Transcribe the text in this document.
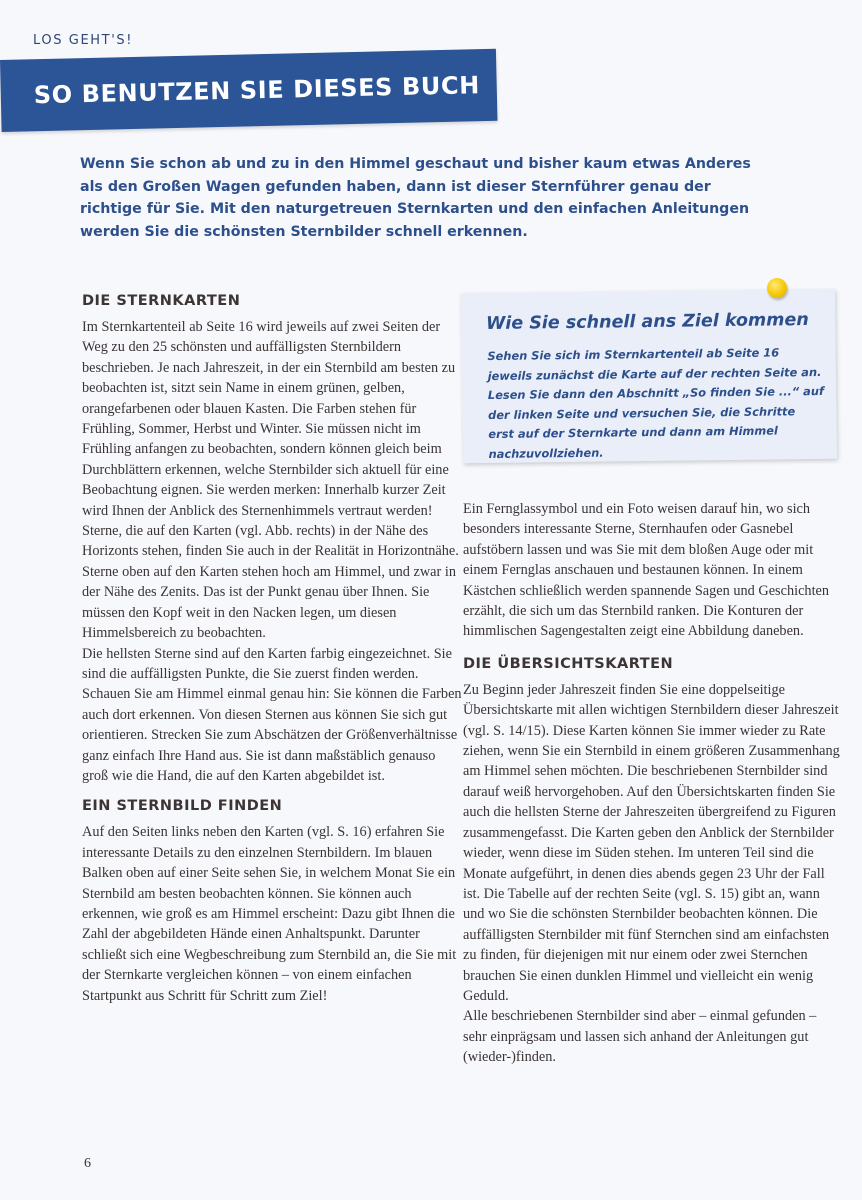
LOS GEHT'S!
SO BENUTZEN SIE DIESES BUCH
Wenn Sie schon ab und zu in den Himmel geschaut und bisher kaum etwas Anderes als den Großen Wagen gefunden haben, dann ist dieser Sternführer genau der richtige für Sie. Mit den naturgetreuen Sternkarten und den einfachen Anleitungen werden Sie die schönsten Sternbilder schnell erkennen.
DIE STERNKARTEN

Im Sternkartenteil ab Seite 16 wird jeweils auf zwei Seiten der Weg zu den 25 schönsten und auffälligsten Sternbildern beschrieben. Je nach Jahreszeit, in der ein Sternbild am besten zu beobachten ist, sitzt sein Name in einem grünen, gelben, orangefarbenen oder blauen Kasten. Die Farben stehen für Frühling, Sommer, Herbst und Winter. Sie müssen nicht im Frühling anfangen zu beobachten, sondern können gleich beim Durchblättern erkennen, welche Sternbilder sich aktuell für eine Beobachtung eignen. Sie werden merken: Innerhalb kurzer Zeit wird Ihnen der Anblick des Sternenhimmels vertraut werden!

Sterne, die auf den Karten (vgl. Abb. rechts) in der Nähe des Horizonts stehen, finden Sie auch in der Realität in Horizontnähe. Sterne oben auf den Karten stehen hoch am Himmel, und zwar in der Nähe des Zenits. Das ist der Punkt genau über Ihnen. Sie müssen den Kopf weit in den Nacken legen, um diesen Himmelsbereich zu beobachten.

Die hellsten Sterne sind auf den Karten farbig eingezeichnet. Sie sind die auffälligsten Punkte, die Sie zuerst finden werden. Schauen Sie am Himmel einmal genau hin: Sie können die Farben auch dort erkennen. Von diesen Sternen aus können Sie sich gut orientieren. Strecken Sie zum Abschätzen der Größenverhältnisse ganz einfach Ihre Hand aus. Sie ist dann maßstäblich genauso groß wie die Hand, die auf den Karten abgebildet ist.

EIN STERNBILD FINDEN

Auf den Seiten links neben den Karten (vgl. S. 16) erfahren Sie interessante Details zu den einzelnen Sternbildern. Im blauen Balken oben auf einer Seite sehen Sie, in welchem Monat Sie ein Sternbild am besten beobachten können. Sie können auch erkennen, wie groß es am Himmel erscheint: Dazu gibt Ihnen die Zahl der abgebildeten Hände einen Anhaltspunkt. Darunter schließt sich eine Wegbeschreibung zum Sternbild an, die Sie mit der Sternkarte vergleichen können – von einem einfachen Startpunkt aus Schritt für Schritt zum Ziel!

Wie Sie schnell ans Ziel kommen
Sehen Sie sich im Sternkartenteil ab Seite 16 jeweils zunächst die Karte auf der rechten Seite an. Lesen Sie dann den Abschnitt „So finden Sie ...“ auf der linken Seite und versuchen Sie, die Schritte erst auf der Sternkarte und dann am Himmel nachzuvollziehen.

Ein Fernglassymbol und ein Foto weisen darauf hin, wo sich besonders interessante Sterne, Sternhaufen oder Gasnebel aufstöbern lassen und was Sie mit dem bloßen Auge oder mit einem Fernglas anschauen und bestaunen können. In einem Kästchen schließlich werden spannende Sagen und Geschichten erzählt, die sich um das Sternbild ranken. Die Konturen der himmlischen Sagengestalten zeigt eine Abbildung daneben.

DIE ÜBERSICHTSKARTEN

Zu Beginn jeder Jahreszeit finden Sie eine doppelseitige Übersichtskarte mit allen wichtigen Sternbildern dieser Jahreszeit (vgl. S. 14/15). Diese Karten können Sie immer wieder zu Rate ziehen, wenn Sie ein Sternbild in einem größeren Zusammenhang am Himmel sehen möchten. Die beschriebenen Sternbilder sind darauf weiß hervorgehoben. Auf den Übersichtskarten finden Sie auch die hellsten Sterne der Jahreszeiten übergreifend zu Figuren zusammengefasst. Die Karten geben den Anblick der Sternbilder wieder, wenn diese im Süden stehen. Im unteren Teil sind die Monate aufgeführt, in denen dies abends gegen 23 Uhr der Fall ist. Die Tabelle auf der rechten Seite (vgl. S. 15) gibt an, wann und wo Sie die schönsten Sternbilder beobachten können. Die auffälligsten Sternbilder mit fünf Sternchen sind am einfachsten zu finden, für diejenigen mit nur einem oder zwei Sternchen brauchen Sie einen dunklen Himmel und vielleicht ein wenig Geduld.

Alle beschriebenen Sternbilder sind aber – einmal gefunden – sehr einprägsam und lassen sich anhand der Anleitungen gut (wieder-)finden.

6
